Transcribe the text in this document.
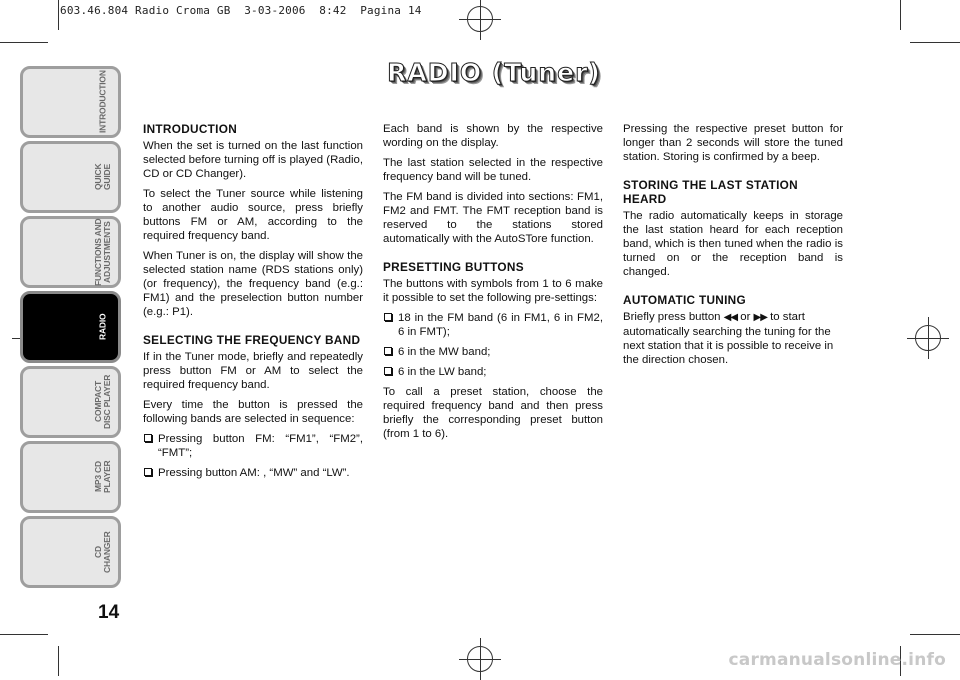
603.46.804 Radio Croma GB  3-03-2006  8:42  Pagina 14
INTRODUCTION
QUICK
GUIDE
FUNCTIONS AND
ADJUSTMENTS
RADIO
COMPACT
DISC PLAYER
MP3 CD
PLAYER
CD
CHANGER
14
RADIO (Tuner)
INTRODUCTION

When the set is turned on the last function selected before turning off is played (Radio, CD or CD Changer).

To select the Tuner source while listening to another audio source, press briefly buttons FM or AM, according to the required frequency band.

When Tuner is on, the display will show the selected station name (RDS stations only) (or frequency), the frequency band (e.g.: FM1) and the preselection button number (e.g.: P1).

SELECTING THE FREQUENCY BAND

If in the Tuner mode, briefly and repeatedly press button FM or AM to select the required frequency band.

Every time the button is pressed the following bands are selected in sequence:

Pressing button FM: “FM1”, “FM2”, “FMT”;
Pressing button AM: , “MW” and “LW”.

Each band is shown by the respective wording on the display.

The last station selected in the respective frequency band will be tuned.

The FM band is divided into sections: FM1, FM2 and FMT. The FMT reception band is reserved to the stations stored automatically with the AutoSTore function.

PRESETTING BUTTONS

The buttons with symbols from 1 to 6 make it possible to set the following pre-settings:

18 in the FM band (6 in FM1, 6 in FM2, 6 in FMT);
6 in the MW band;
6 in the LW band;

To call a preset station, choose the required frequency band and then press briefly the corresponding preset button (from 1 to 6).

Pressing the respective preset button for longer than 2 seconds will store the tuned station. Storing is confirmed by a beep.

STORING THE LAST STATION HEARD

The radio automatically keeps in storage the last station heard for each reception band, which is then tuned when the radio is turned on or the reception band is changed.

AUTOMATIC TUNING

Briefly press button ◀◀ or ▶▶ to start automatically searching the tuning for the next station that it is possible to receive in the direction chosen.

carmanualsonline.info
